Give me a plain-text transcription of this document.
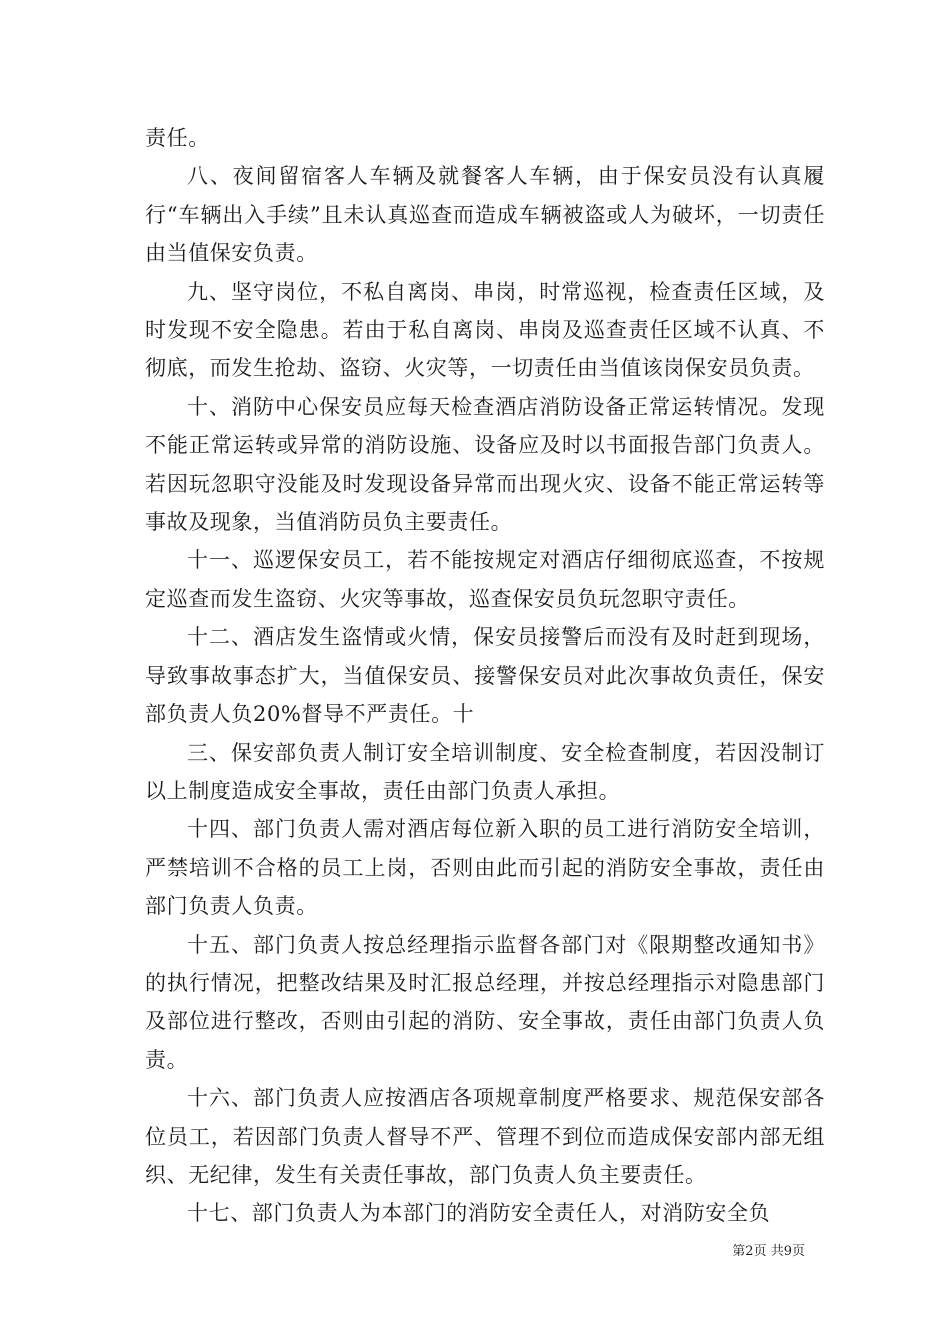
责任。

八、夜间留宿客人车辆及就餐客人车辆，由于保安员没有认真履行“车辆出入手续”且未认真巡查而造成车辆被盗或人为破坏，一切责任由当值保安负责。

九、坚守岗位，不私自离岗、串岗，时常巡视，检查责任区域，及时发现不安全隐患。若由于私自离岗、串岗及巡查责任区域不认真、不彻底，而发生抢劫、盗窃、火灾等，一切责任由当值该岗保安员负责。

十、消防中心保安员应每天检查酒店消防设备正常运转情况。发现不能正常运转或异常的消防设施、设备应及时以书面报告部门负责人。若因玩忽职守没能及时发现设备异常而出现火灾、设备不能正常运转等事故及现象，当值消防员负主要责任。

十一、巡逻保安员工，若不能按规定对酒店仔细彻底巡查，不按规定巡查而发生盗窃、火灾等事故，巡查保安员负玩忽职守责任。

十二、酒店发生盗情或火情，保安员接警后而没有及时赶到现场，导致事故事态扩大，当值保安员、接警保安员对此次事故负责任，保安部负责人负20%督导不严责任。十

三、保安部负责人制订安全培训制度、安全检查制度，若因没制订以上制度造成安全事故，责任由部门负责人承担。

十四、部门负责人需对酒店每位新入职的员工进行消防安全培训，严禁培训不合格的员工上岗，否则由此而引起的消防安全事故，责任由部门负责人负责。

十五、部门负责人按总经理指示监督各部门对《限期整改通知书》的执行情况，把整改结果及时汇报总经理，并按总经理指示对隐患部门及部位进行整改，否则由引起的消防、安全事故，责任由部门负责人负责。

十六、部门负责人应按酒店各项规章制度严格要求、规范保安部各位员工，若因部门负责人督导不严、管理不到位而造成保安部内部无组织、无纪律，发生有关责任事故，部门负责人负主要责任。

十七、部门负责人为本部门的消防安全责任人，对消防安全负

第2页 共9页
